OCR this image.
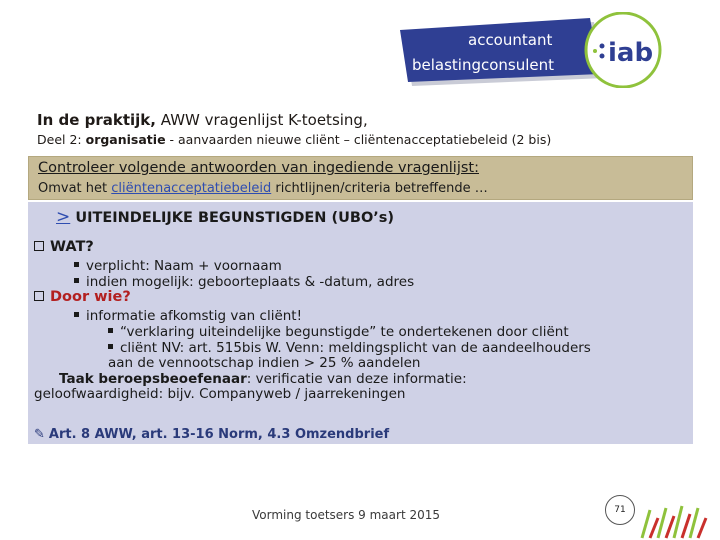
accountant
belastingconsulent iab
In de praktijk, AWW vragenlijst K-toetsing,
Deel 2: organisatie - aanvaarden nieuwe cliënt – cliëntenacceptatiebeleid (2 bis)
Controleer volgende antwoorden van ingediende vragenlijst:
Omvat het cliëntenacceptatiebeleid richtlijnen/criteria betreffende …
> UITEINDELIJKE BEGUNSTIGDEN (UBO’s)
WAT?
verplicht: Naam + voornaam
indien mogelijk: geboorteplaats & -datum, adres
Door wie?
informatie afkomstig van cliënt!
“verklaring uiteindelijke begunstigde” te ondertekenen door cliënt
cliënt NV: art. 515bis W. Venn: meldingsplicht van de aandeelhouders
aan de vennootschap indien > 25 % aandelen
Taak beroepsbeoefenaar: verificatie van deze informatie:
geloofwaardigheid: bijv. Companyweb / jaarrekeningen
✎ Art. 8 AWW, art. 13-16 Norm, 4.3 Omzendbrief
Vorming toetsers 9 maart 2015	71
